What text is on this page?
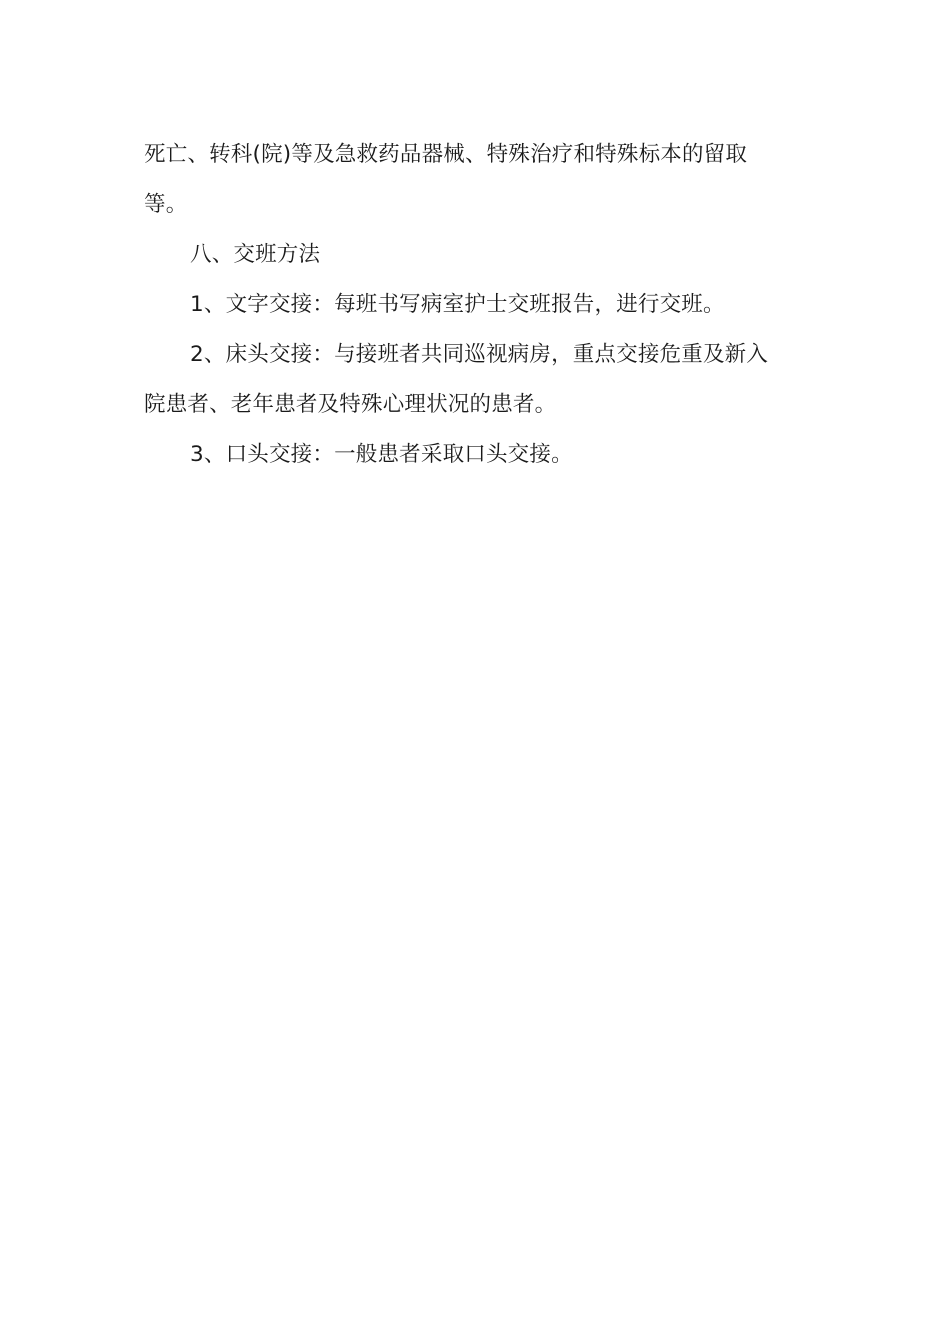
死亡、转科(院)等及急救药品器械、特殊治疗和特殊标本的留取
等。
八、交班方法
1、文字交接：每班书写病室护士交班报告，进行交班。
2、床头交接：与接班者共同巡视病房，重点交接危重及新入
院患者、老年患者及特殊心理状况的患者。
3、口头交接：一般患者采取口头交接。
